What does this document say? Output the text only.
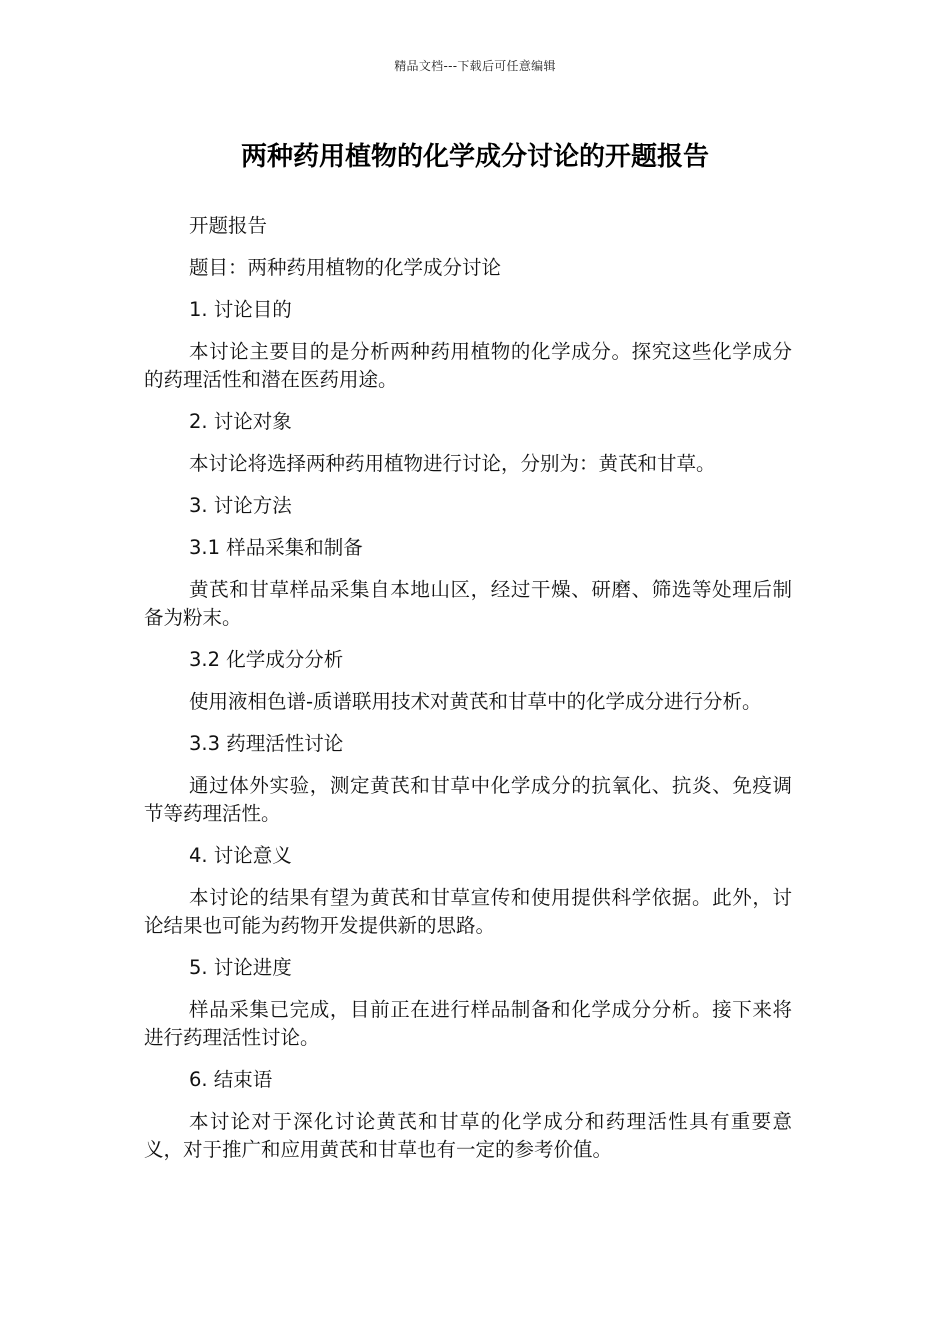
精品文档---下载后可任意编辑
两种药用植物的化学成分讨论的开题报告

开题报告

题目：两种药用植物的化学成分讨论

1. 讨论目的

本讨论主要目的是分析两种药用植物的化学成分。探究这些化学成分的药理活性和潜在医药用途。

2. 讨论对象

本讨论将选择两种药用植物进行讨论，分别为：黄芪和甘草。

3. 讨论方法

3.1 样品采集和制备

黄芪和甘草样品采集自本地山区，经过干燥、研磨、筛选等处理后制备为粉末。

3.2 化学成分分析

使用液相色谱-质谱联用技术对黄芪和甘草中的化学成分进行分析。

3.3 药理活性讨论

通过体外实验，测定黄芪和甘草中化学成分的抗氧化、抗炎、免疫调节等药理活性。

4. 讨论意义

本讨论的结果有望为黄芪和甘草宣传和使用提供科学依据。此外，讨论结果也可能为药物开发提供新的思路。

5. 讨论进度

样品采集已完成，目前正在进行样品制备和化学成分分析。接下来将进行药理活性讨论。

6. 结束语

本讨论对于深化讨论黄芪和甘草的化学成分和药理活性具有重要意义，对于推广和应用黄芪和甘草也有一定的参考价值。
